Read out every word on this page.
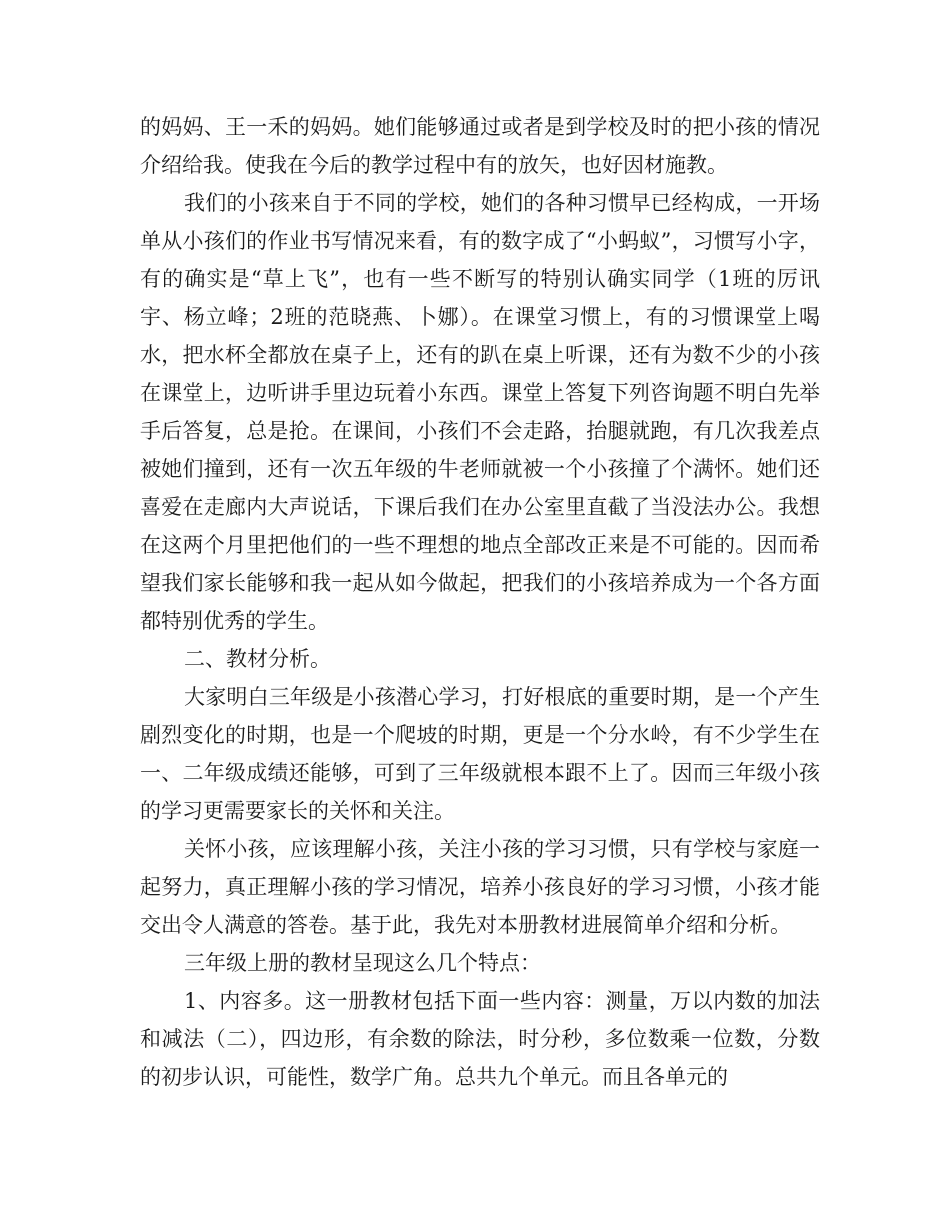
的妈妈、王一禾的妈妈。她们能够通过或者是到学校及时的把小孩的情况介绍给我。使我在今后的教学过程中有的放矢，也好因材施教。

我们的小孩来自于不同的学校，她们的各种习惯早已经构成，一开场单从小孩们的作业书写情况来看，有的数字成了“小蚂蚁”，习惯写小字，有的确实是“草上飞”，也有一些不断写的特别认确实同学（1班的厉讯宇、杨立峰；2班的范晓燕、卜娜）。在课堂习惯上，有的习惯课堂上喝水，把水杯全都放在桌子上，还有的趴在桌上听课，还有为数不少的小孩在课堂上，边听讲手里边玩着小东西。课堂上答复下列咨询题不明白先举手后答复，总是抢。在课间，小孩们不会走路，抬腿就跑，有几次我差点被她们撞到，还有一次五年级的牛老师就被一个小孩撞了个满怀。她们还喜爱在走廊内大声说话，下课后我们在办公室里直截了当没法办公。我想在这两个月里把他们的一些不理想的地点全部改正来是不可能的。因而希望我们家长能够和我一起从如今做起，把我们的小孩培养成为一个各方面都特别优秀的学生。

二、教材分析。

大家明白三年级是小孩潜心学习，打好根底的重要时期，是一个产生剧烈变化的时期，也是一个爬坡的时期，更是一个分水岭，有不少学生在一、二年级成绩还能够，可到了三年级就根本跟不上了。因而三年级小孩的学习更需要家长的关怀和关注。

关怀小孩，应该理解小孩，关注小孩的学习习惯，只有学校与家庭一起努力，真正理解小孩的学习情况，培养小孩良好的学习习惯，小孩才能交出令人满意的答卷。基于此，我先对本册教材进展简单介绍和分析。

三年级上册的教材呈现这么几个特点：

1、内容多。这一册教材包括下面一些内容：测量，万以内数的加法和减法（二），四边形，有余数的除法，时分秒，多位数乘一位数，分数的初步认识，可能性，数学广角。总共九个单元。而且各单元的
